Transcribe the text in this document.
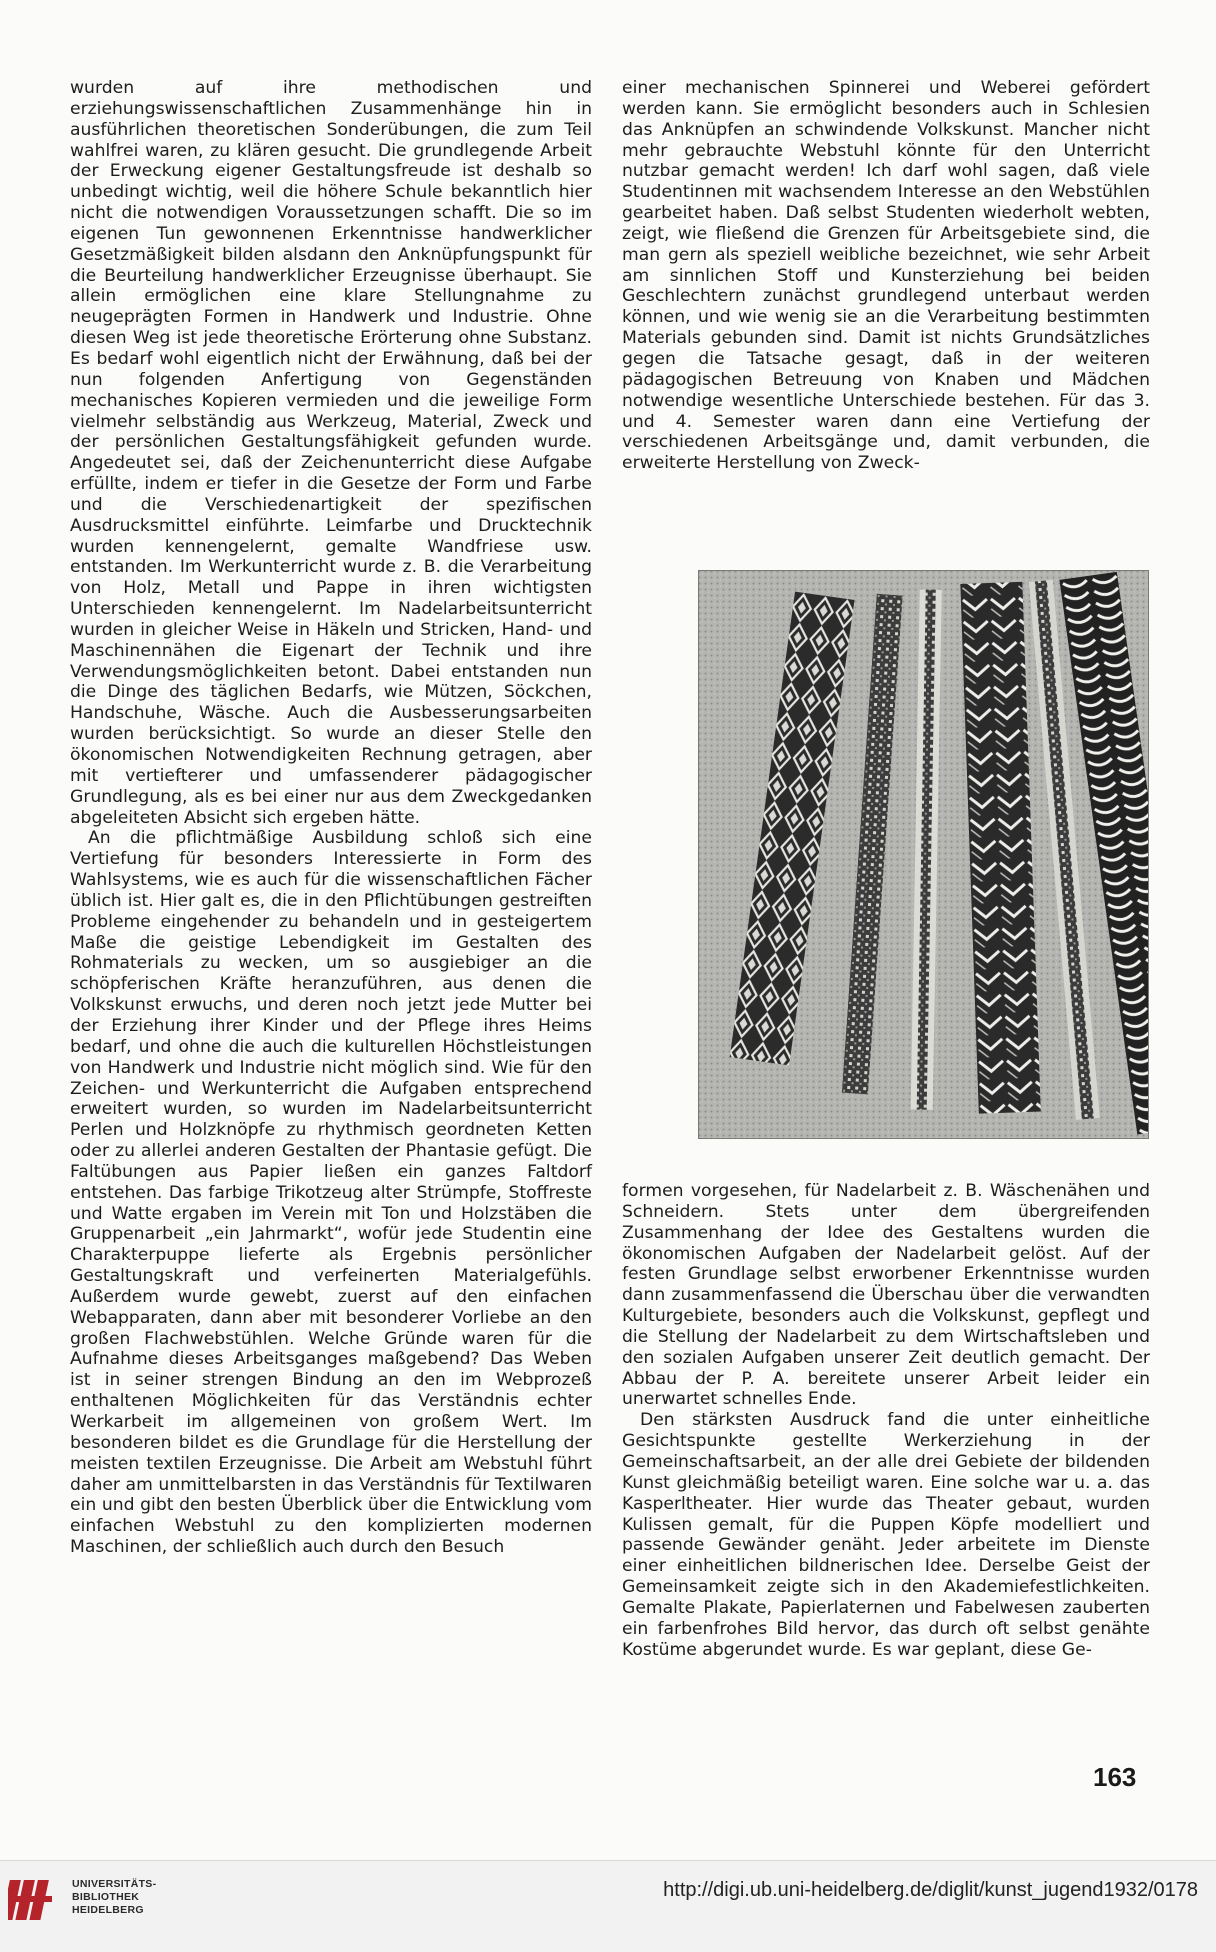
wurden auf ihre methodischen und erziehungswissenschaftlichen Zusammenhänge hin in ausführlichen theoretischen Sonderübungen, die zum Teil wahlfrei waren, zu klären gesucht. Die grundlegende Arbeit der Erweckung eigener Gestaltungsfreude ist deshalb so unbedingt wichtig, weil die höhere Schule bekanntlich hier nicht die notwendigen Voraussetzungen schafft. Die so im eigenen Tun gewonnenen Erkenntnisse handwerklicher Gesetzmäßigkeit bilden alsdann den Anknüpfungspunkt für die Beurteilung handwerklicher Erzeugnisse überhaupt. Sie allein ermöglichen eine klare Stellungnahme zu neugeprägten Formen in Handwerk und Industrie. Ohne diesen Weg ist jede theoretische Erörterung ohne Substanz. Es bedarf wohl eigentlich nicht der Erwähnung, daß bei der nun folgenden Anfertigung von Gegenständen mechanisches Kopieren vermieden und die jeweilige Form vielmehr selbständig aus Werkzeug, Material, Zweck und der persönlichen Gestaltungsfähigkeit gefunden wurde. Angedeutet sei, daß der Zeichenunterricht diese Aufgabe erfüllte, indem er tiefer in die Gesetze der Form und Farbe und die Verschiedenartigkeit der spezifischen Ausdrucksmittel einführte. Leimfarbe und Drucktechnik wurden kennengelernt, gemalte Wandfriese usw. entstanden. Im Werkunterricht wurde z. B. die Verarbeitung von Holz, Metall und Pappe in ihren wichtigsten Unterschieden kennengelernt. Im Nadelarbeitsunterricht wurden in gleicher Weise in Häkeln und Stricken, Hand- und Maschinennähen die Eigenart der Technik und ihre Verwendungsmöglichkeiten betont. Dabei entstanden nun die Dinge des täglichen Bedarfs, wie Mützen, Söckchen, Handschuhe, Wäsche. Auch die Ausbesserungsarbeiten wurden berücksichtigt. So wurde an dieser Stelle den ökonomischen Notwendigkeiten Rechnung getragen, aber mit vertiefterer und umfassenderer pädagogischer Grundlegung, als es bei einer nur aus dem Zweckgedanken abgeleiteten Absicht sich ergeben hätte.

An die pflichtmäßige Ausbildung schloß sich eine Vertiefung für besonders Interessierte in Form des Wahlsystems, wie es auch für die wissenschaftlichen Fächer üblich ist. Hier galt es, die in den Pflichtübungen gestreiften Probleme eingehender zu behandeln und in gesteigertem Maße die geistige Lebendigkeit im Gestalten des Rohmaterials zu wecken, um so ausgiebiger an die schöpferischen Kräfte heranzuführen, aus denen die Volkskunst erwuchs, und deren noch jetzt jede Mutter bei der Erziehung ihrer Kinder und der Pflege ihres Heims bedarf, und ohne die auch die kulturellen Höchstleistungen von Handwerk und Industrie nicht möglich sind. Wie für den Zeichen- und Werkunterricht die Aufgaben entsprechend erweitert wurden, so wurden im Nadelarbeitsunterricht Perlen und Holzknöpfe zu rhythmisch geordneten Ketten oder zu allerlei anderen Gestalten der Phantasie gefügt. Die Faltübungen aus Papier ließen ein ganzes Faltdorf entstehen. Das farbige Trikotzeug alter Strümpfe, Stoffreste und Watte ergaben im Verein mit Ton und Holzstäben die Gruppenarbeit „ein Jahrmarkt“, wofür jede Studentin eine Charakterpuppe lieferte als Ergebnis persönlicher Gestaltungskraft und verfeinerten Materialgefühls. Außerdem wurde gewebt, zuerst auf den einfachen Webapparaten, dann aber mit besonderer Vorliebe an den großen Flachwebstühlen. Welche Gründe waren für die Aufnahme dieses Arbeitsganges maßgebend? Das Weben ist in seiner strengen Bindung an den im Webprozeß enthaltenen Möglichkeiten für das Verständnis echter Werkarbeit im allgemeinen von großem Wert. Im besonderen bildet es die Grundlage für die Herstellung der meisten textilen Erzeugnisse. Die Arbeit am Webstuhl führt daher am unmittelbarsten in das Verständnis für Textilwaren ein und gibt den besten Überblick über die Entwicklung vom einfachen Webstuhl zu den komplizierten modernen Maschinen, der schließlich auch durch den Besuch

einer mechanischen Spinnerei und Weberei gefördert werden kann. Sie ermöglicht besonders auch in Schlesien das Anknüpfen an schwindende Volkskunst. Mancher nicht mehr gebrauchte Webstuhl könnte für den Unterricht nutzbar gemacht werden! Ich darf wohl sagen, daß viele Studentinnen mit wachsendem Interesse an den Webstühlen gearbeitet haben. Daß selbst Studenten wiederholt webten, zeigt, wie fließend die Grenzen für Arbeitsgebiete sind, die man gern als speziell weibliche bezeichnet, wie sehr Arbeit am sinnlichen Stoff und Kunsterziehung bei beiden Geschlechtern zunächst grundlegend unterbaut werden können, und wie wenig sie an die Verarbeitung bestimmten Materials gebunden sind. Damit ist nichts Grundsätzliches gegen die Tatsache gesagt, daß in der weiteren pädagogischen Betreuung von Knaben und Mädchen notwendige wesentliche Unterschiede bestehen. Für das 3. und 4. Semester waren dann eine Vertiefung der verschiedenen Arbeitsgänge und, damit verbunden, die erweiterte Herstellung von Zweck-

formen vorgesehen, für Nadelarbeit z. B. Wäschenähen und Schneidern. Stets unter dem übergreifenden Zusammenhang der Idee des Gestaltens wurden die ökonomischen Aufgaben der Nadelarbeit gelöst. Auf der festen Grundlage selbst erworbener Erkenntnisse wurden dann zusammenfassend die Überschau über die verwandten Kulturgebiete, besonders auch die Volkskunst, gepflegt und die Stellung der Nadelarbeit zu dem Wirtschaftsleben und den sozialen Aufgaben unserer Zeit deutlich gemacht. Der Abbau der P. A. bereitete unserer Arbeit leider ein unerwartet schnelles Ende.

Den stärksten Ausdruck fand die unter einheitliche Gesichtspunkte gestellte Werkerziehung in der Gemeinschaftsarbeit, an der alle drei Gebiete der bildenden Kunst gleichmäßig beteiligt waren. Eine solche war u. a. das Kasperltheater. Hier wurde das Theater gebaut, wurden Kulissen gemalt, für die Puppen Köpfe modelliert und passende Gewänder genäht. Jeder arbeitete im Dienste einer einheitlichen bildnerischen Idee. Derselbe Geist der Gemeinsamkeit zeigte sich in den Akademiefestlichkeiten. Gemalte Plakate, Papierlaternen und Fabelwesen zauberten ein farbenfrohes Bild hervor, das durch oft selbst genähte Kostüme abgerundet wurde. Es war geplant, diese Ge-

163
UNIVERSITÄTS-
BIBLIOTHEK
HEIDELBERG
http://digi.ub.uni-heidelberg.de/diglit/kunst_jugend1932/0178
